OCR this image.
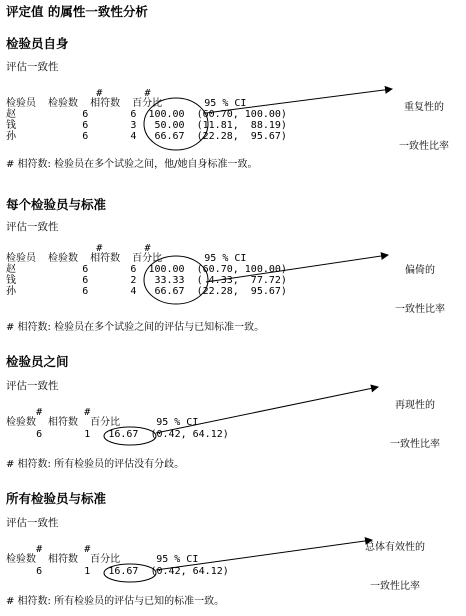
评定值 的属性一致性分析
检验员自身
评估一致性
#       #
检验员  检验数  相符数  百分比       95 % CI
赵           6       6  100.00  (60.70, 100.00)
钱           6       3   50.00  (11.81,  88.19)
孙           6       4   66.67  (22.28,  95.67)
# 相符数: 检验员在多个试验之间，他/她自身标准一致。

重复性的

一致性比率

每个检验员与标准
评估一致性
#       #
检验员  检验数  相符数  百分比       95 % CI
赵           6       6  100.00  (60.70, 100.00)
钱           6       2   33.33  ( 4.33,  77.72)
孙           6       4   66.67  (22.28,  95.67)
# 相符数: 检验员在多个试验之间的评估与已知标准一致。

偏倚的

一致性比率

检验员之间
评估一致性
#       #
检验数  相符数  百分比      95 % CI
6       1   16.67  (0.42, 64.12)
# 相符数: 所有检验员的评估没有分歧。

再现性的

一致性比率

所有检验员与标准
评估一致性
#       #
检验数  相符数  百分比      95 % CI
6       1   16.67  (0.42, 64.12)
# 相符数: 所有检验员的评估与已知的标准一致。

总体有效性的

一致性比率
